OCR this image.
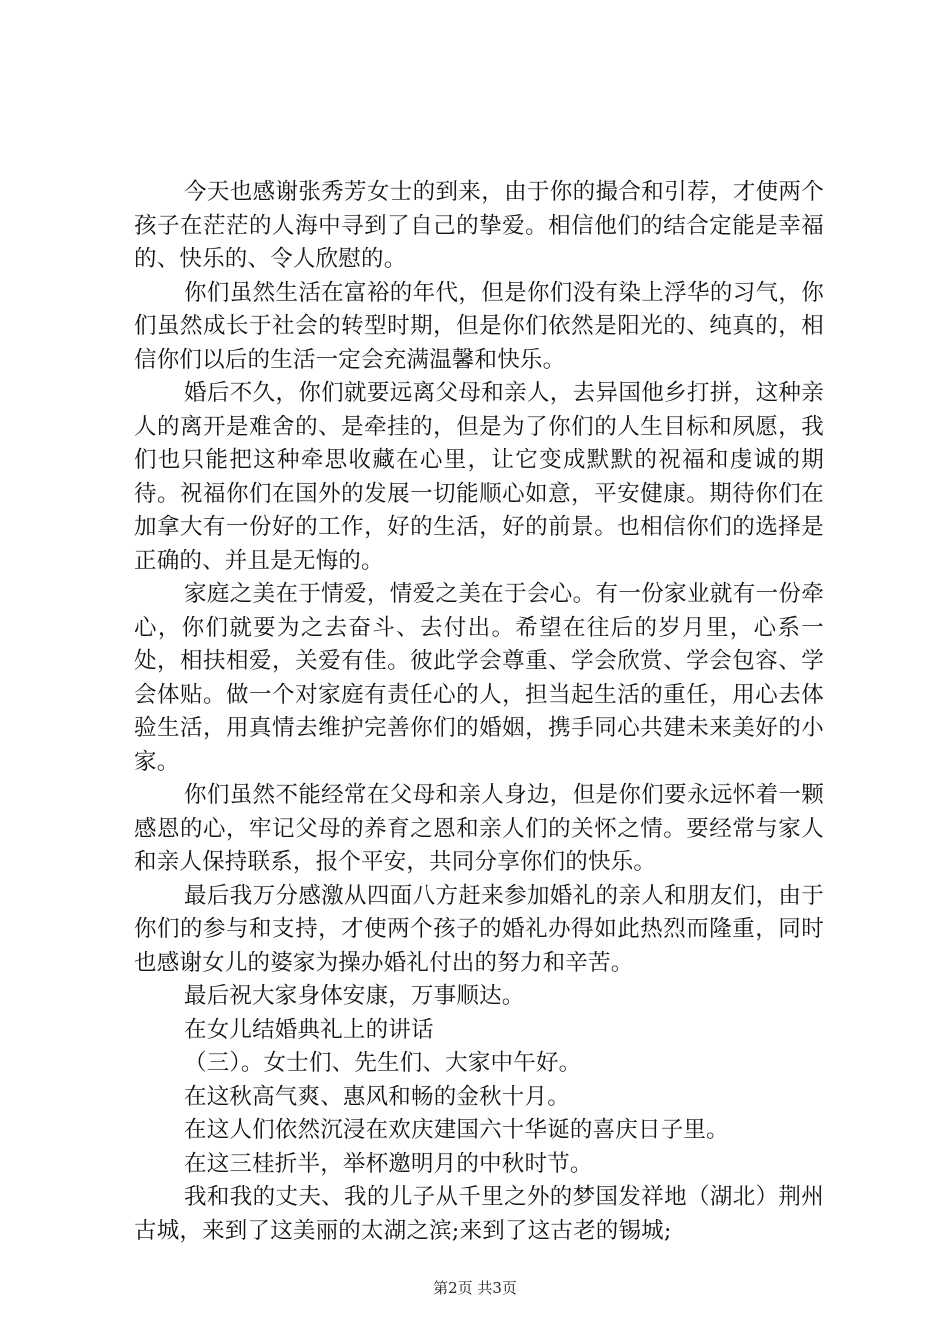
今天也感谢张秀芳女士的到来，由于你的撮合和引荐，才使两个孩子在茫茫的人海中寻到了自己的挚爱。相信他们的结合定能是幸福的、快乐的、令人欣慰的。

你们虽然生活在富裕的年代，但是你们没有染上浮华的习气，你们虽然成长于社会的转型时期，但是你们依然是阳光的、纯真的，相信你们以后的生活一定会充满温馨和快乐。

婚后不久，你们就要远离父母和亲人，去异国他乡打拼，这种亲人的离开是难舍的、是牵挂的，但是为了你们的人生目标和夙愿，我们也只能把这种牵思收藏在心里，让它变成默默的祝福和虔诚的期待。祝福你们在国外的发展一切能顺心如意，平安健康。期待你们在加拿大有一份好的工作，好的生活，好的前景。也相信你们的选择是正确的、并且是无悔的。

家庭之美在于情爱，情爱之美在于会心。有一份家业就有一份牵心，你们就要为之去奋斗、去付出。希望在往后的岁月里，心系一处，相扶相爱，关爱有佳。彼此学会尊重、学会欣赏、学会包容、学会体贴。做一个对家庭有责任心的人，担当起生活的重任，用心去体验生活，用真情去维护完善你们的婚姻，携手同心共建未来美好的小家。

你们虽然不能经常在父母和亲人身边，但是你们要永远怀着一颗感恩的心，牢记父母的养育之恩和亲人们的关怀之情。要经常与家人和亲人保持联系，报个平安，共同分享你们的快乐。

最后我万分感激从四面八方赶来参加婚礼的亲人和朋友们，由于你们的参与和支持，才使两个孩子的婚礼办得如此热烈而隆重，同时也感谢女儿的婆家为操办婚礼付出的努力和辛苦。

最后祝大家身体安康，万事顺达。

在女儿结婚典礼上的讲话

（三）。女士们、先生们、大家中午好。

在这秋高气爽、惠风和畅的金秋十月。

在这人们依然沉浸在欢庆建国六十华诞的喜庆日子里。

在这三桂折半，举杯邀明月的中秋时节。

我和我的丈夫、我的儿子从千里之外的梦国发祥地（湖北）荆州古城，来到了这美丽的太湖之滨;来到了这古老的锡城;

第2页 共3页
